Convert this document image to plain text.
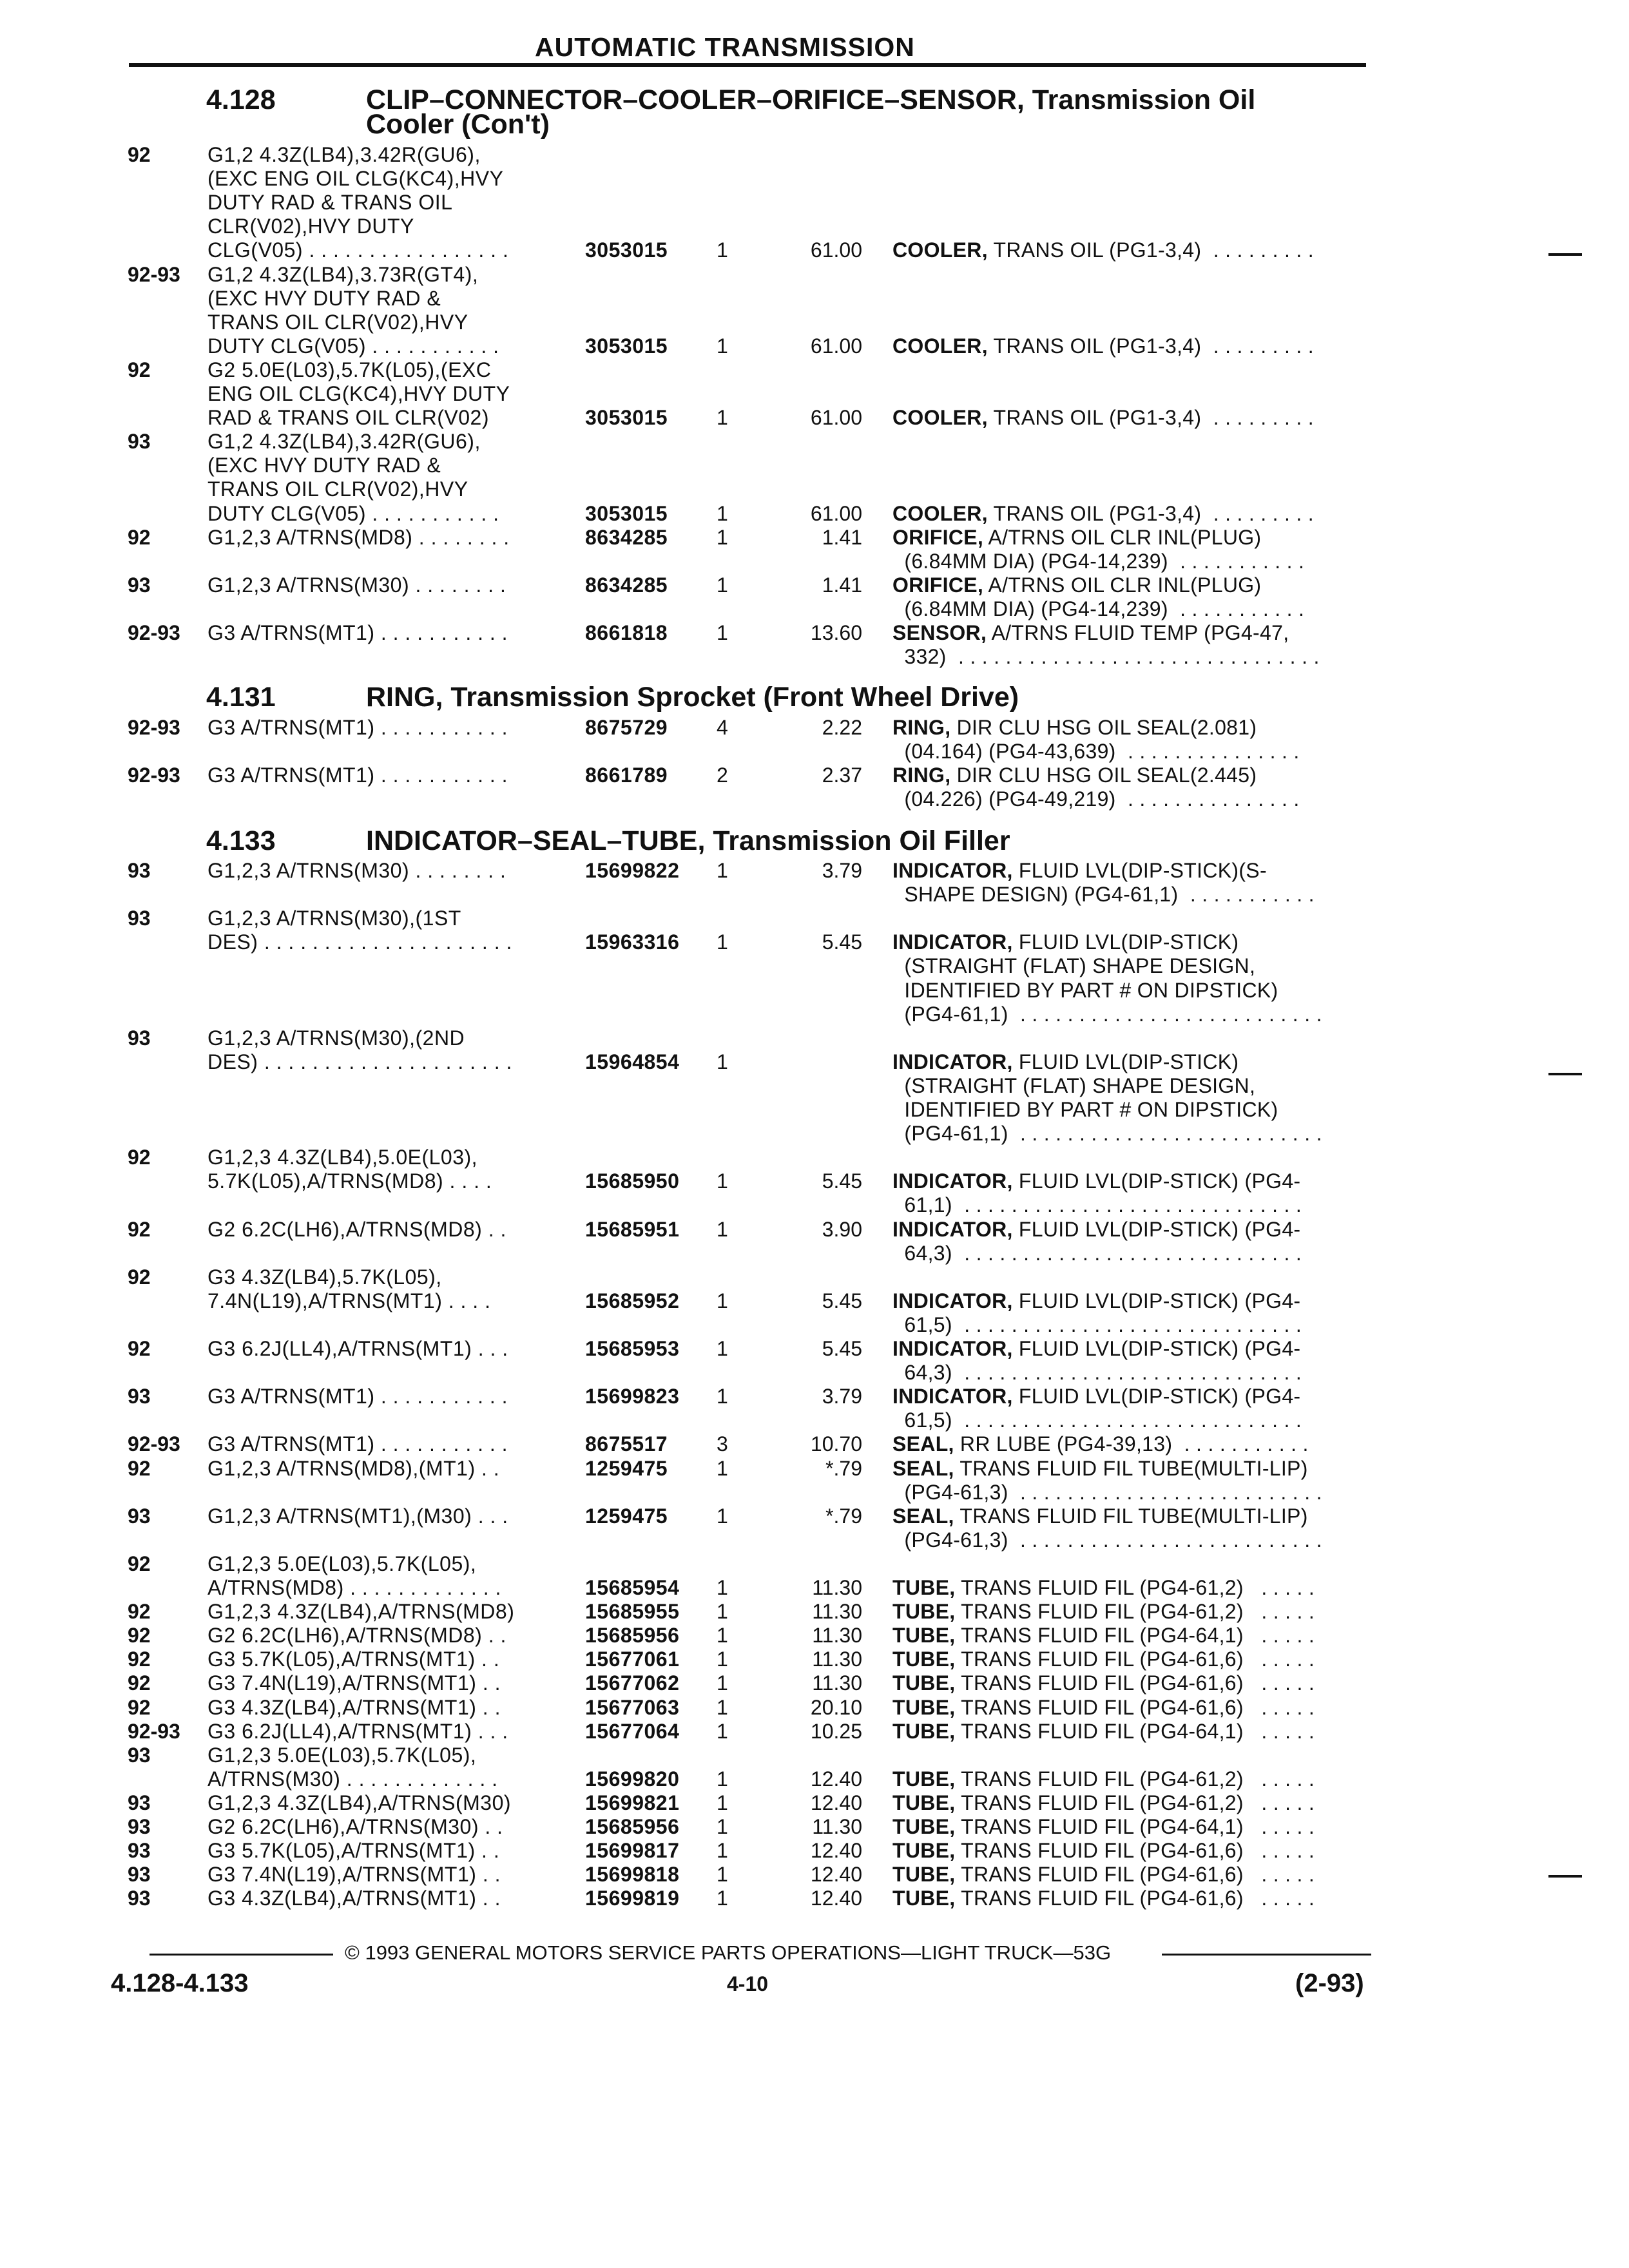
AUTOMATIC TRANSMISSION
4.128	CLIP–CONNECTOR–COOLER–ORIFICE–SENSOR, Transmission Oil
Cooler (Con't)
92	G1,2 4.3Z(LB4),3.42R(GU6),
(EXC ENG OIL CLG(KC4),HVY
DUTY RAD & TRANS OIL
CLR(V02),HVY DUTY
CLG(V05) . . . . . . . . . . . . . . . . .	3053015 1	61.00 COOLER, TRANS OIL (PG1-3,4)  . . . . . . . . .
92-93 G1,2 4.3Z(LB4),3.73R(GT4),
(EXC HVY DUTY RAD &
TRANS OIL CLR(V02),HVY
DUTY CLG(V05) . . . . . . . . . . .	3053015 1	61.00 COOLER, TRANS OIL (PG1-3,4)  . . . . . . . . .
92	G2 5.0E(L03),5.7K(L05),(EXC
ENG OIL CLG(KC4),HVY DUTY
RAD & TRANS OIL CLR(V02)	3053015 1	61.00 COOLER, TRANS OIL (PG1-3,4)  . . . . . . . . .
93	G1,2 4.3Z(LB4),3.42R(GU6),
(EXC HVY DUTY RAD &
TRANS OIL CLR(V02),HVY
DUTY CLG(V05) . . . . . . . . . . .	3053015 1	61.00 COOLER, TRANS OIL (PG1-3,4)  . . . . . . . . .
92	G1,2,3 A/TRNS(MD8) . . . . . . . .	8634285 1	1.41 ORIFICE, A/TRNS OIL CLR INL(PLUG)
(6.84MM DIA) (PG4-14,239)  . . . . . . . . . . .
93	G1,2,3 A/TRNS(M30) . . . . . . . .	8634285 1	1.41 ORIFICE, A/TRNS OIL CLR INL(PLUG)
(6.84MM DIA) (PG4-14,239)  . . . . . . . . . . .
92-93 G3 A/TRNS(MT1) . . . . . . . . . . .	8661818 1	13.60 SENSOR, A/TRNS FLUID TEMP (PG4-47,
332)  . . . . . . . . . . . . . . . . . . . . . . . . . . . . . . .
4.131	RING, Transmission Sprocket (Front Wheel Drive)
92-93 G3 A/TRNS(MT1) . . . . . . . . . . .	8675729 4	2.22 RING, DIR CLU HSG OIL SEAL(2.081)
(04.164) (PG4-43,639)  . . . . . . . . . . . . . . .
92-93 G3 A/TRNS(MT1) . . . . . . . . . . .	8661789 2	2.37 RING, DIR CLU HSG OIL SEAL(2.445)
(04.226) (PG4-49,219)  . . . . . . . . . . . . . . .
4.133	INDICATOR–SEAL–TUBE, Transmission Oil Filler
93	G1,2,3 A/TRNS(M30) . . . . . . . .	15699822 1	3.79 INDICATOR, FLUID LVL(DIP-STICK)(S-
SHAPE DESIGN) (PG4-61,1)  . . . . . . . . . . .
93	G1,2,3 A/TRNS(M30),(1ST
DES) . . . . . . . . . . . . . . . . . . . . .	15963316 1	5.45 INDICATOR, FLUID LVL(DIP-STICK)
(STRAIGHT (FLAT) SHAPE DESIGN,
IDENTIFIED BY PART # ON DIPSTICK)
(PG4-61,1)  . . . . . . . . . . . . . . . . . . . . . . . . . .
93	G1,2,3 A/TRNS(M30),(2ND
DES) . . . . . . . . . . . . . . . . . . . . .	15964854 1	INDICATOR, FLUID LVL(DIP-STICK)
(STRAIGHT (FLAT) SHAPE DESIGN,
IDENTIFIED BY PART # ON DIPSTICK)
(PG4-61,1)  . . . . . . . . . . . . . . . . . . . . . . . . . .
92	G1,2,3 4.3Z(LB4),5.0E(L03),
5.7K(L05),A/TRNS(MD8) . . . .	15685950 1	5.45 INDICATOR, FLUID LVL(DIP-STICK) (PG4-
61,1)  . . . . . . . . . . . . . . . . . . . . . . . . . . . . .
92	G2 6.2C(LH6),A/TRNS(MD8) . .	15685951 1	3.90 INDICATOR, FLUID LVL(DIP-STICK) (PG4-
64,3)  . . . . . . . . . . . . . . . . . . . . . . . . . . . . .
92	G3 4.3Z(LB4),5.7K(L05),
7.4N(L19),A/TRNS(MT1) . . . .	15685952 1	5.45 INDICATOR, FLUID LVL(DIP-STICK) (PG4-
61,5)  . . . . . . . . . . . . . . . . . . . . . . . . . . . . .
92	G3 6.2J(LL4),A/TRNS(MT1) . . .	15685953 1	5.45 INDICATOR, FLUID LVL(DIP-STICK) (PG4-
64,3)  . . . . . . . . . . . . . . . . . . . . . . . . . . . . .
93	G3 A/TRNS(MT1) . . . . . . . . . . .	15699823 1	3.79 INDICATOR, FLUID LVL(DIP-STICK) (PG4-
61,5)  . . . . . . . . . . . . . . . . . . . . . . . . . . . . .
92-93 G3 A/TRNS(MT1) . . . . . . . . . . .	8675517 3	10.70 SEAL, RR LUBE (PG4-39,13)  . . . . . . . . . . .
92	G1,2,3 A/TRNS(MD8),(MT1) . .	1259475 1	*.79 SEAL, TRANS FLUID FIL TUBE(MULTI-LIP)
(PG4-61,3)  . . . . . . . . . . . . . . . . . . . . . . . . . .
93	G1,2,3 A/TRNS(MT1),(M30) . . .	1259475 1	*.79 SEAL, TRANS FLUID FIL TUBE(MULTI-LIP)
(PG4-61,3)  . . . . . . . . . . . . . . . . . . . . . . . . . .
92	G1,2,3 5.0E(L03),5.7K(L05),
A/TRNS(MD8) . . . . . . . . . . . . .	15685954 1	11.30 TUBE, TRANS FLUID FIL (PG4-61,2)   . . . . .
92	G1,2,3 4.3Z(LB4),A/TRNS(MD8)	15685955 1	11.30 TUBE, TRANS FLUID FIL (PG4-61,2)   . . . . .
92	G2 6.2C(LH6),A/TRNS(MD8) . .	15685956 1	11.30 TUBE, TRANS FLUID FIL (PG4-64,1)   . . . . .
92	G3 5.7K(L05),A/TRNS(MT1) . .	15677061 1	11.30 TUBE, TRANS FLUID FIL (PG4-61,6)   . . . . .
92	G3 7.4N(L19),A/TRNS(MT1) . .	15677062 1	11.30 TUBE, TRANS FLUID FIL (PG4-61,6)   . . . . .
92	G3 4.3Z(LB4),A/TRNS(MT1) . .	15677063 1	20.10 TUBE, TRANS FLUID FIL (PG4-61,6)   . . . . .
92-93 G3 6.2J(LL4),A/TRNS(MT1) . . .	15677064 1	10.25 TUBE, TRANS FLUID FIL (PG4-64,1)   . . . . .
93	G1,2,3 5.0E(L03),5.7K(L05),
A/TRNS(M30) . . . . . . . . . . . . .	15699820 1	12.40 TUBE, TRANS FLUID FIL (PG4-61,2)   . . . . .
93	G1,2,3 4.3Z(LB4),A/TRNS(M30)	15699821 1	12.40 TUBE, TRANS FLUID FIL (PG4-61,2)   . . . . .
93	G2 6.2C(LH6),A/TRNS(M30) . .	15685956 1	11.30 TUBE, TRANS FLUID FIL (PG4-64,1)   . . . . .
93	G3 5.7K(L05),A/TRNS(MT1) . .	15699817 1	12.40 TUBE, TRANS FLUID FIL (PG4-61,6)   . . . . .
93	G3 7.4N(L19),A/TRNS(MT1) . .	15699818 1	12.40 TUBE, TRANS FLUID FIL (PG4-61,6)   . . . . .
93	G3 4.3Z(LB4),A/TRNS(MT1) . .	15699819 1	12.40 TUBE, TRANS FLUID FIL (PG4-61,6)   . . . . .
© 1993 GENERAL MOTORS SERVICE PARTS OPERATIONS—LIGHT TRUCK—53G
4.128-4.133	4-10	(2-93)
